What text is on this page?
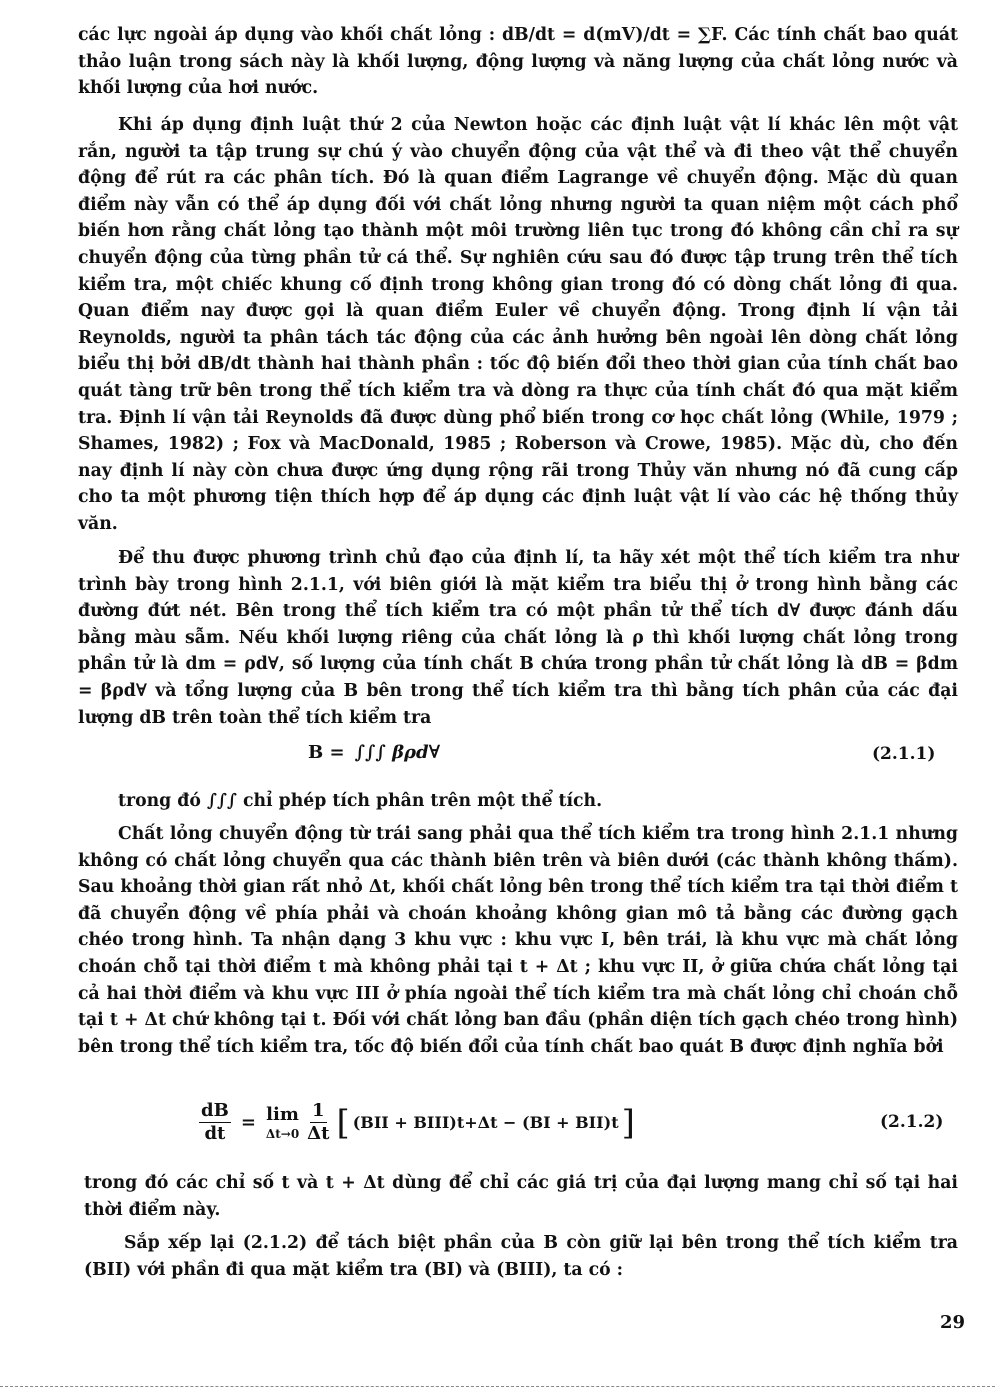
các lực ngoài áp dụng vào khối chất lỏng : dB/dt = d(mV)/dt = ∑F. Các tính chất bao quát thảo luận trong sách này là khối lượng, động lượng và năng lượng của chất lỏng nước và khối lượng của hơi nước.

Khi áp dụng định luật thứ 2 của Newton hoặc các định luật vật lí khác lên một vật rắn, người ta tập trung sự chú ý vào chuyển động của vật thể và đi theo vật thể chuyển động để rút ra các phân tích. Đó là quan điểm Lagrange về chuyển động. Mặc dù quan điểm này vẫn có thể áp dụng đối với chất lỏng nhưng người ta quan niệm một cách phổ biến hơn rằng chất lỏng tạo thành một môi trường liên tục trong đó không cần chỉ ra sự chuyển động của từng phần tử cá thể. Sự nghiên cứu sau đó được tập trung trên thể tích kiểm tra, một chiếc khung cố định trong không gian trong đó có dòng chất lỏng đi qua. Quan điểm nay được gọi là quan điểm Euler về chuyển động. Trong định lí vận tải Reynolds, người ta phân tách tác động của các ảnh hưởng bên ngoài lên dòng chất lỏng biểu thị bởi dB/dt thành hai thành phần : tốc độ biến đổi theo thời gian của tính chất bao quát tàng trữ bên trong thể tích kiểm tra và dòng ra thực của tính chất đó qua mặt kiểm tra. Định lí vận tải Reynolds đã được dùng phổ biến trong cơ học chất lỏng (While, 1979 ; Shames, 1982) ; Fox và MacDonald, 1985 ; Roberson và Crowe, 1985). Mặc dù, cho đến nay định lí này còn chưa được ứng dụng rộng rãi trong Thủy văn nhưng nó đã cung cấp cho ta một phương tiện thích hợp để áp dụng các định luật vật lí vào các hệ thống thủy văn.

Để thu được phương trình chủ đạo của định lí, ta hãy xét một thể tích kiểm tra như trình bày trong hình 2.1.1, với biên giới là mặt kiểm tra biểu thị ở trong hình bằng các đường đứt nét. Bên trong thể tích kiểm tra có một phần tử thể tích d∀ được đánh dấu bằng màu sẫm. Nếu khối lượng riêng của chất lỏng là ρ thì khối lượng chất lỏng trong phần tử là dm = ρd∀, số lượng của tính chất B chứa trong phần tử chất lỏng là dB = βdm = βρd∀ và tổng lượng của B bên trong thể tích kiểm tra thì bằng tích phân của các đại lượng dB trên toàn thể tích kiểm tra

B = ∫∫∫ βρd∀	(2.1.1)

trong đó ∫∫∫ chỉ phép tích phân trên một thể tích.

Chất lỏng chuyển động từ trái sang phải qua thể tích kiểm tra trong hình 2.1.1 nhưng không có chất lỏng chuyển qua các thành biên trên và biên dưới (các thành không thấm). Sau khoảng thời gian rất nhỏ Δt, khối chất lỏng bên trong thể tích kiểm tra tại thời điểm t đã chuyển động về phía phải và choán khoảng không gian mô tả bằng các đường gạch chéo trong hình. Ta nhận dạng 3 khu vực : khu vực I, bên trái, là khu vực mà chất lỏng choán chỗ tại thời điểm t mà không phải tại t + Δt ; khu vực II, ở giữa chứa chất lỏng tại cả hai thời điểm và khu vực III ở phía ngoài thể tích kiểm tra mà chất lỏng chỉ choán chỗ tại t + Δt chứ không tại t. Đối với chất lỏng ban đầu (phần diện tích gạch chéo trong hình) bên trong thể tích kiểm tra, tốc độ biến đổi của tính chất bao quát B được định nghĩa bởi

$\frac{dB}{dt} = \lim$
$\Delta t\to 0 \frac{1}{\Delta t}$ [ (BII + BIII)t+Δt − (BI + BII)t ]	(2.1.2)

trong đó các chỉ số t và t + Δt dùng để chỉ các giá trị của đại lượng mang chỉ số tại hai thời điểm này.

Sắp xếp lại (2.1.2) để tách biệt phần của B còn giữ lại bên trong thể tích kiểm tra (BII) với phần đi qua mặt kiểm tra (BI) và (BIII), ta có :

29
